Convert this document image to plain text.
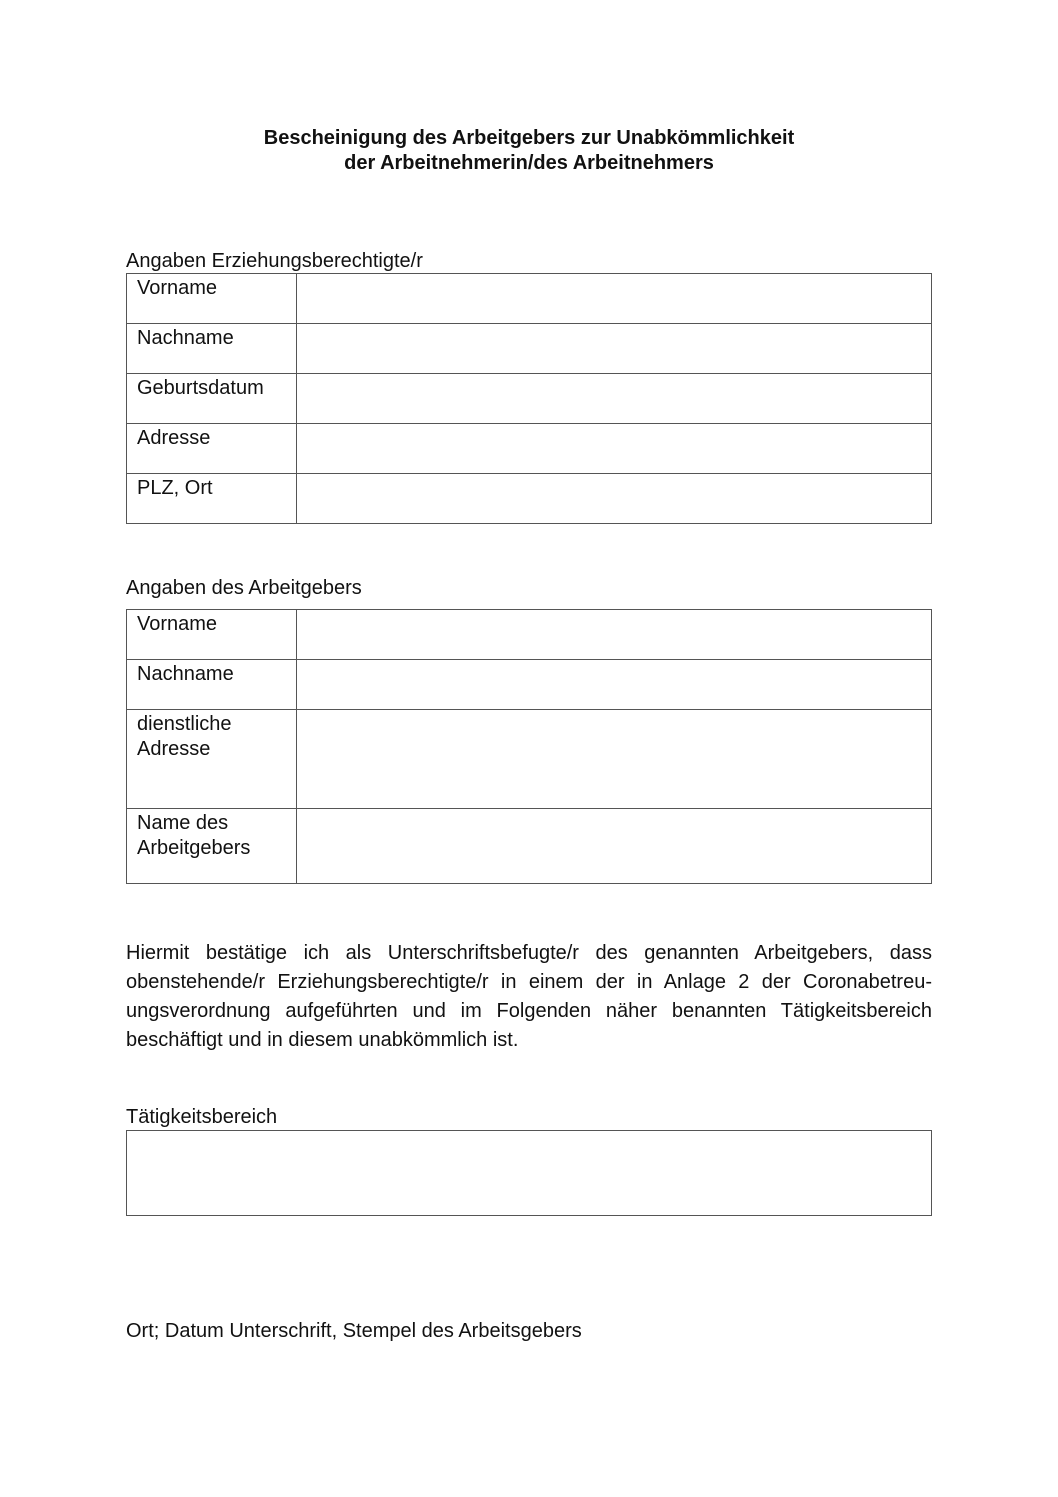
Bescheinigung des Arbeitgebers zur Unabkömmlichkeit
der Arbeitnehmerin/des Arbeitnehmers
Angaben Erziehungsberechtigte/r
Vorname	
Nachname	
Geburtsdatum	
Adresse	
PLZ, Ort	
Angaben des Arbeitgebers
Vorname	
Nachname	
dienstliche Adresse	
Name des Arbeitgebers	
Hiermit bestätige ich als Unterschriftsbefugte/r des genannten Arbeitgebers, dass obenstehende/r Erziehungsberechtigte/r in einem der in Anlage 2 der Coronabetreuungsverordnung aufgeführten und im Folgenden näher benannten Tätigkeitsbereich beschäftigt und in diesem unabkömmlich ist.
Tätigkeitsbereich
Ort; Datum Unterschrift, Stempel des Arbeitsgebers
